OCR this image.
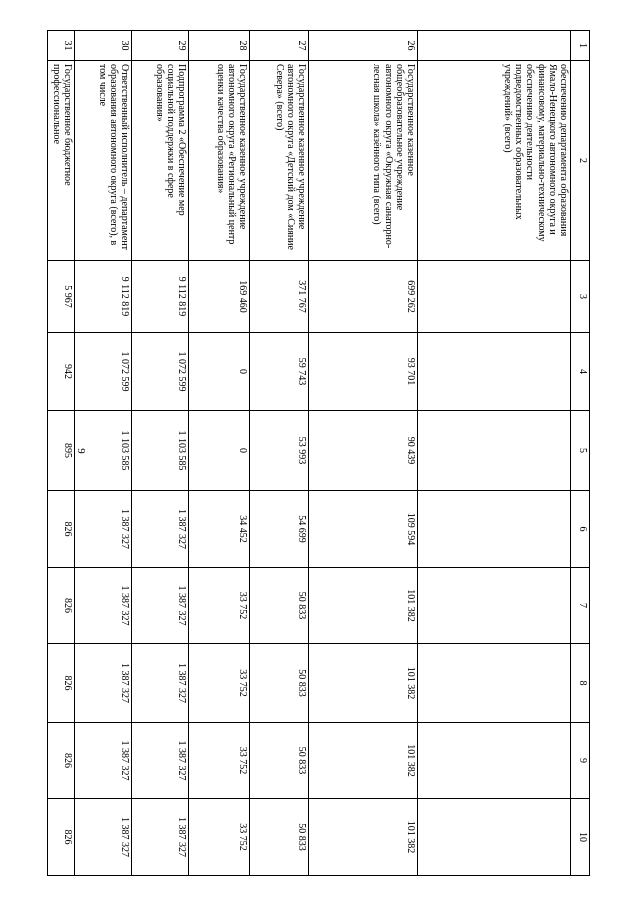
9
1	2	3	4	5	6	7	8	9	10
	обеспечению департамента образования Ямало-Ненецкого автономного округа и финансовому, материально-техническому обеспечению деятельности подведомственных образовательных учреждений» (всего)								
26	Государственное казенное общеобразовательное учреждение автономного округа «Окружная санаторно-лесная школа» казённого типа (всего)	699 262	93 701	90 439	109 594	101 382	101 382	101 382	101 382
27	Государственное казенное учреждение автономного округа «Детский дом «Сияние Севера» (всего)	371 767	59 743	53 993	54 699	50 833	50 833	50 833	50 833
28	Государственное казенное учреждение автономного округа «Региональный центр оценки качества образования»	169 460	0	0	34 452	33 752	33 752	33 752	33 752
29	Подпрограмма 2 «Обеспечение мер социальной поддержки в сфере образования»	9 112 819	1 072 599	1 103 585	1 387 327	1 387 327	1 387 327	1 387 327	1 387 327
30	Ответственный исполнитель – департамент образования автономного округа (всего), в том числе	9 112 819	1 072 599	1 103 585	1 387 327	1 387 327	1 387 327	1 387 327	1 387 327
31	Государственное бюджетное профессиональное	5 967	942	895	826	826	826	826	826
